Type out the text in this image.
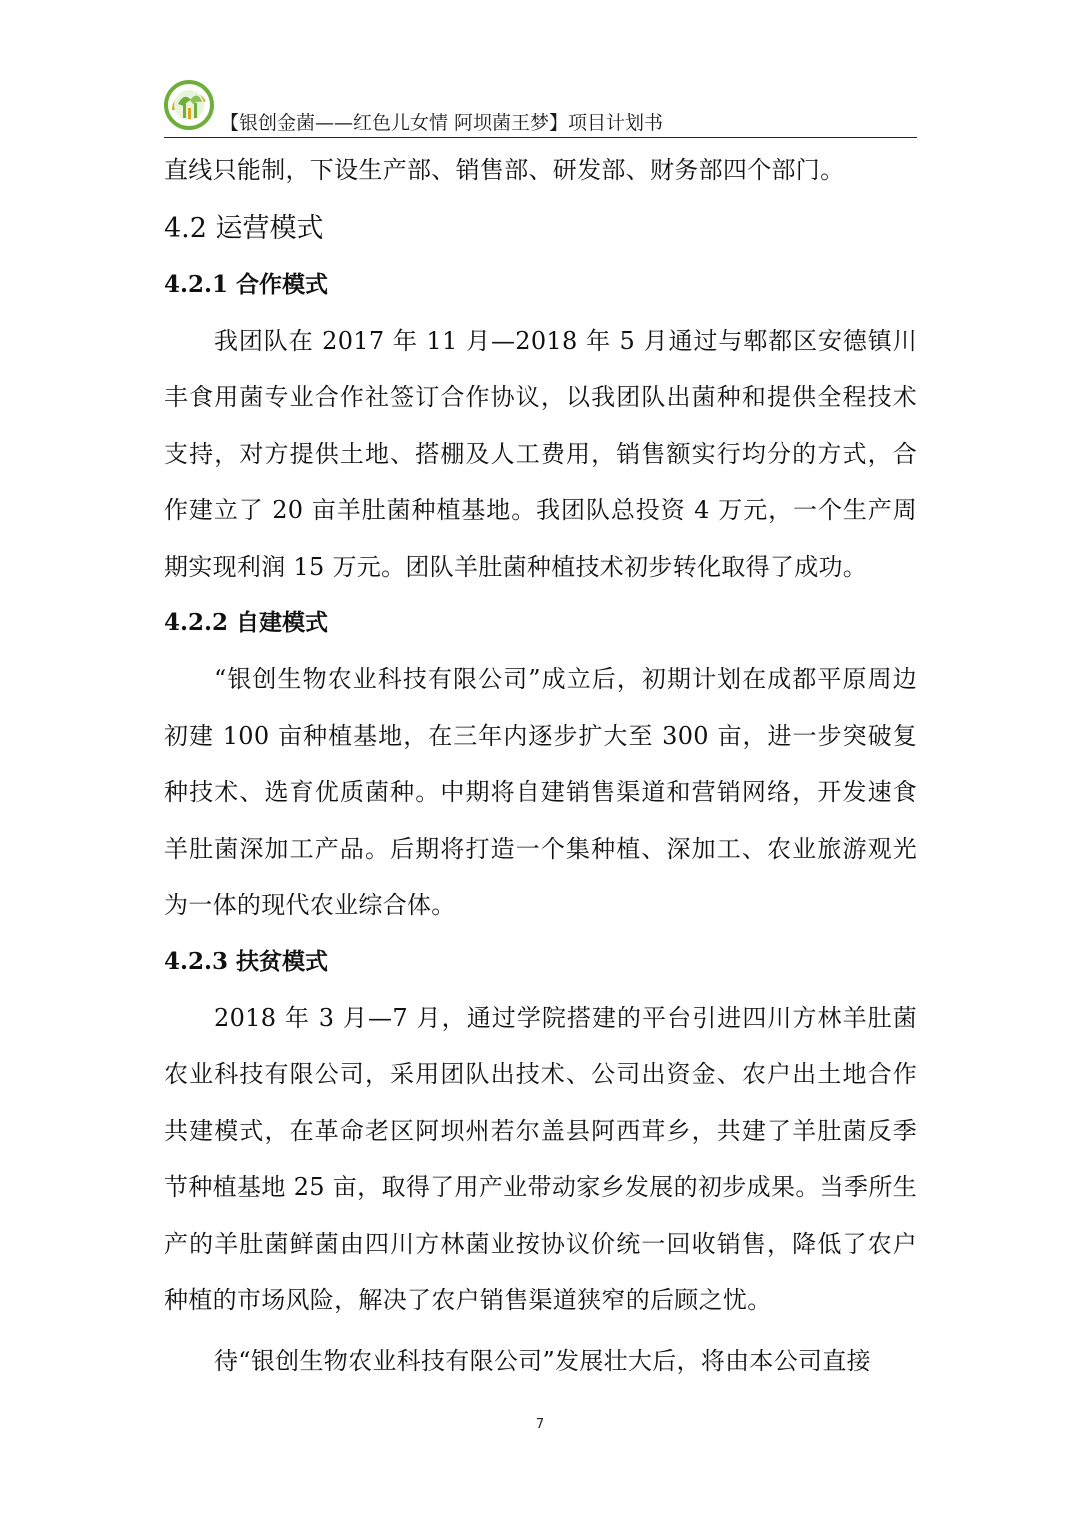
【银创金菌——红色儿女情 阿坝菌王梦】项目计划书

直线只能制，下设生产部、销售部、研发部、财务部四个部门。

4.2 运营模式
4.2.1 合作模式

我团队在 2017 年 11 月—2018 年 5 月通过与郫都区安德镇川丰食用菌专业合作社签订合作协议，以我团队出菌种和提供全程技术支持，对方提供土地、搭棚及人工费用，销售额实行均分的方式，合作建立了 20 亩羊肚菌种植基地。我团队总投资 4 万元，一个生产周期实现利润 15 万元。团队羊肚菌种植技术初步转化取得了成功。

4.2.2 自建模式

“银创生物农业科技有限公司”成立后，初期计划在成都平原周边初建 100 亩种植基地，在三年内逐步扩大至 300 亩，进一步突破复种技术、选育优质菌种。中期将自建销售渠道和营销网络，开发速食羊肚菌深加工产品。后期将打造一个集种植、深加工、农业旅游观光为一体的现代农业综合体。

4.2.3 扶贫模式

2018 年 3 月—7 月，通过学院搭建的平台引进四川方林羊肚菌农业科技有限公司，采用团队出技术、公司出资金、农户出土地合作共建模式，在革命老区阿坝州若尔盖县阿西茸乡，共建了羊肚菌反季节种植基地 25 亩，取得了用产业带动家乡发展的初步成果。当季所生产的羊肚菌鲜菌由四川方林菌业按协议价统一回收销售，降低了农户种植的市场风险，解决了农户销售渠道狭窄的后顾之忧。

待“银创生物农业科技有限公司”发展壮大后，将由本公司直接

7
